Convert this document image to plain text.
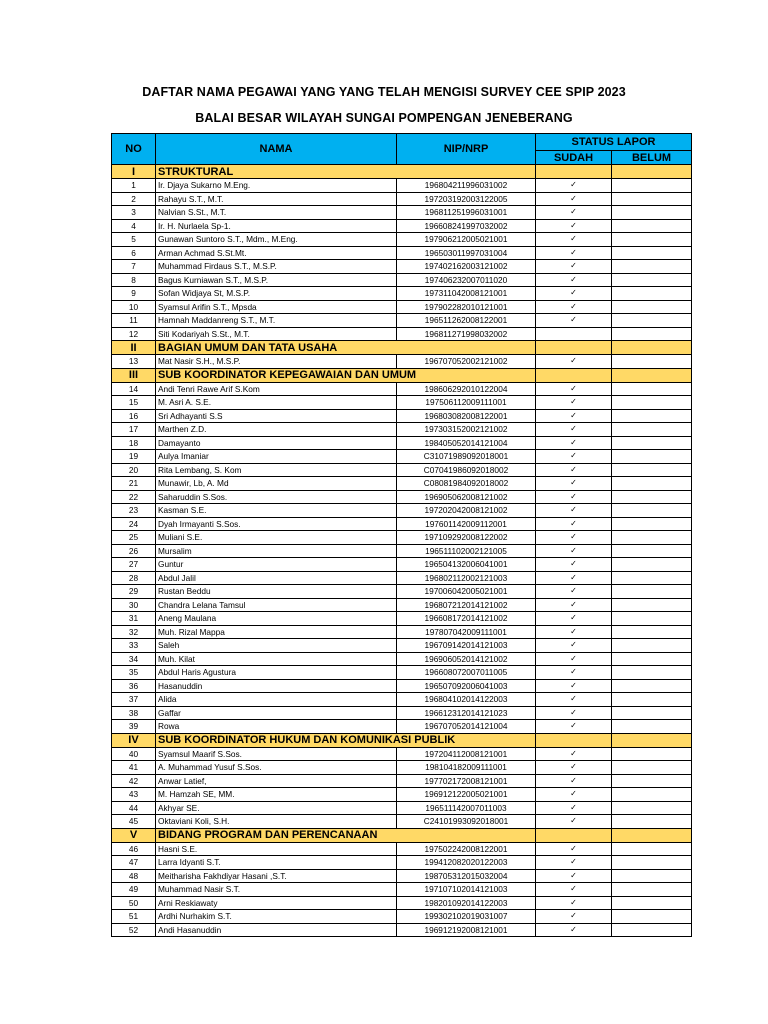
DAFTAR NAMA PEGAWAI YANG YANG TELAH MENGISI SURVEY CEE SPIP 2023
BALAI BESAR WILAYAH SUNGAI POMPENGAN JENEBERANG
NO	NAMA	NIP/NRP	STATUS LAPOR	
			SUDAH	BELUM
I	STRUKTURAL			
1	Ir. Djaya Sukarno M.Eng.	196804211996031002	✓	
2	Rahayu S.T., M.T.	197203192003122005	✓	
3	Nalvian S.St., M.T.	196811251996031001	✓	
4	Ir. H. Nurlaela Sp-1.	196608241997032002	✓	
5	Gunawan Suntoro S.T., Mdm., M.Eng.	197906212005021001	✓	
6	Arman Achmad S.St.Mt.	196503011997031004	✓	
7	Muhammad Firdaus S.T., M.S.P.	197402162003121002	✓	
8	Bagus Kurniawan S.T., M.S.P.	197406232007011020	✓	
9	Sofan Widjaya St, M.S.P.	197311042008121001	✓	
10	Syamsul Arifin S.T., Mpsda	197902282010121001	✓	
11	Hamnah Maddanreng S.T., M.T.	196511262008122001	✓	
12	Siti Kodariyah S.St., M.T.	196811271998032002		
II	BAGIAN UMUM DAN TATA USAHA			
13	Mat Nasir S.H., M.S.P.	196707052002121002	✓	
III	SUB KOORDINATOR KEPEGAWAIAN DAN UMUM			
14	Andi Tenri Rawe Arif S.Kom	198606292010122004	✓	
15	M. Asri A. S.E.	197506112009111001	✓	
16	Sri Adhayanti S.S	196803082008122001	✓	
17	Marthen Z.D.	197303152002121002	✓	
18	Damayanto	198405052014121004	✓	
19	Aulya Imaniar	C31071989092018001	✓	
20	Rita Lembang, S. Kom	C07041986092018002	✓	
21	Munawir, Lb, A. Md	C08081984092018002	✓	
22	Saharuddin S.Sos.	196905062008121002	✓	
23	Kasman S.E.	197202042008121002	✓	
24	Dyah Irmayanti S.Sos.	197601142009112001	✓	
25	Muliani S.E.	197109292008122002	✓	
26	Mursalim	196511102002121005	✓	
27	Guntur	196504132006041001	✓	
28	Abdul Jalil	196802112002121003	✓	
29	Rustan Beddu	197006042005021001	✓	
30	Chandra Lelana Tamsul	196807212014121002	✓	
31	Aneng Maulana	196608172014121002	✓	
32	Muh. Rizal Mappa	197807042009111001	✓	
33	Saleh	196709142014121003	✓	
34	Muh. Kilat	196906052014121002	✓	
35	Abdul Haris Agustura	196608072007011005	✓	
36	Hasanuddin	196507092006041003	✓	
37	Alida	196804102014122003	✓	
38	Gaffar	196612312014121023	✓	
39	Rowa	196707052014121004	✓	
IV	SUB KOORDINATOR HUKUM DAN KOMUNIKASI PUBLIK			
40	Syamsul Maarif S.Sos.	197204112008121001	✓	
41	A. Muhammad Yusuf S.Sos.	198104182009111001	✓	
42	Anwar Latief,	197702172008121001	✓	
43	M. Hamzah SE, MM.	196912122005021001	✓	
44	Akhyar SE.	196511142007011003	✓	
45	Oktaviani Koli, S.H.	C24101993092018001	✓	
V	BIDANG PROGRAM DAN PERENCANAAN			
46	Hasni S.E.	197502242008122001	✓	
47	Larra Idyanti S.T.	199412082020122003	✓	
48	Meitharisha Fakhdiyar Hasani ,S.T.	198705312015032004	✓	
49	Muhammad Nasir S.T.	197107102014121003	✓	
50	Arni Reskiawaty	198201092014122003	✓	
51	Ardhi Nurhakim S.T.	199302102019031007	✓	
52	Andi Hasanuddin	196912192008121001	✓	
